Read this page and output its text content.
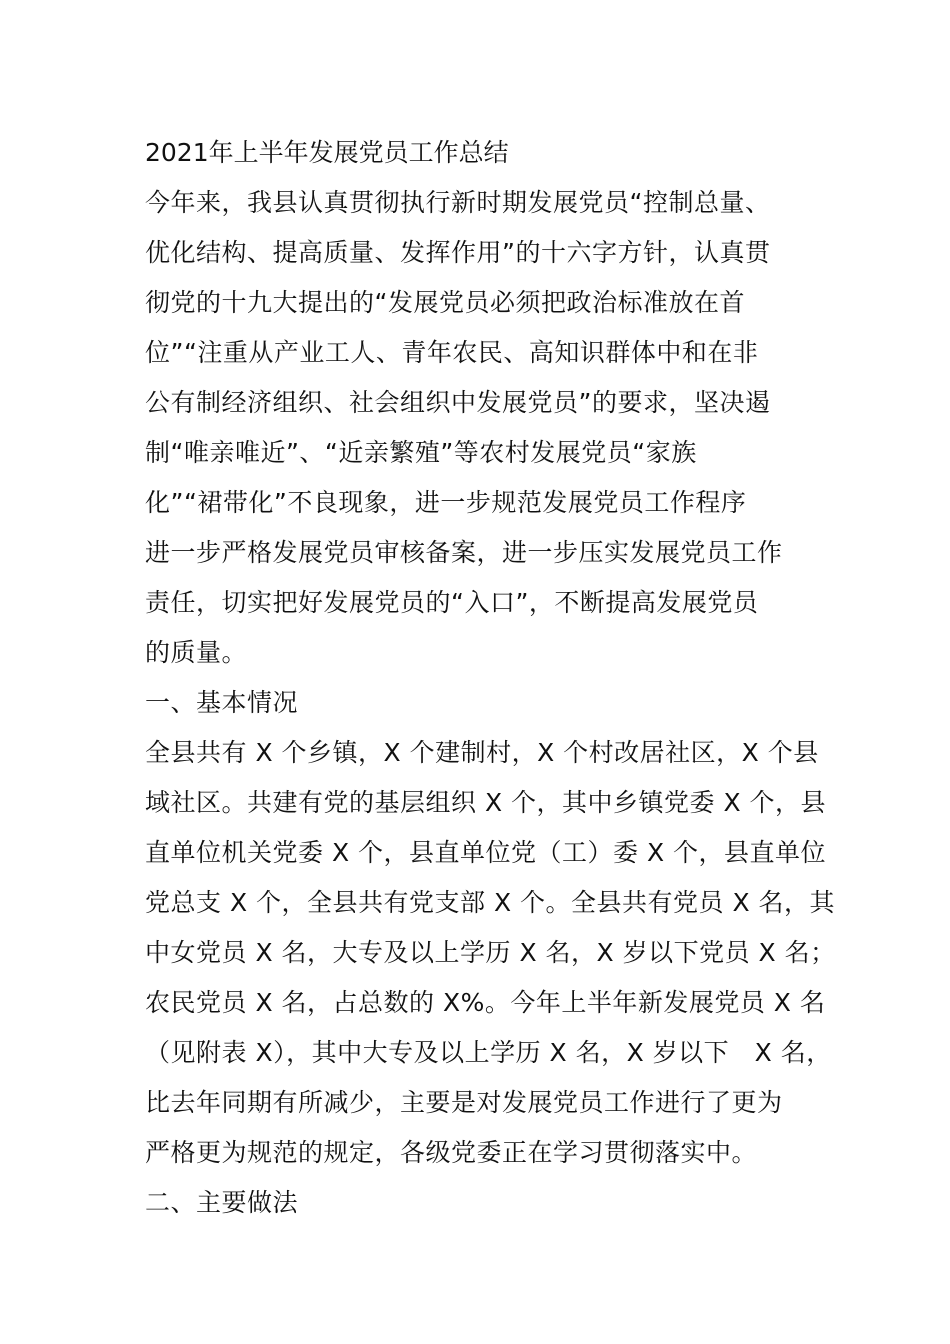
2021年上半年发展党员工作总结
今年来，我县认真贯彻执行新时期发展党员“控制总量、
优化结构、提高质量、发挥作用”的十六字方针，认真贯
彻党的十九大提出的“发展党员必须把政治标准放在首
位”“注重从产业工人、青年农民、高知识群体中和在非
公有制经济组织、社会组织中发展党员”的要求，坚决遏
制“唯亲唯近”、“近亲繁殖”等农村发展党员“家族
化”“裙带化”不良现象，进一步规范发展党员工作程序
进一步严格发展党员审核备案，进一步压实发展党员工作
责任，切实把好发展党员的“入口”，不断提高发展党员
的质量。
一、基本情况
全县共有 X 个乡镇，X 个建制村，X 个村改居社区，X 个县
域社区。共建有党的基层组织 X 个，其中乡镇党委 X 个，县
直单位机关党委 X 个，县直单位党（工）委 X 个，县直单位
党总支 X 个，全县共有党支部 X 个。全县共有党员 X 名，其
中女党员 X 名，大专及以上学历 X 名，X 岁以下党员 X 名；
农民党员 X 名，占总数的 X%。今年上半年新发展党员 X 名
（见附表 X），其中大专及以上学历 X 名，X 岁以下　X 名，
比去年同期有所减少，主要是对发展党员工作进行了更为
严格更为规范的规定，各级党委正在学习贯彻落实中。
二、主要做法
